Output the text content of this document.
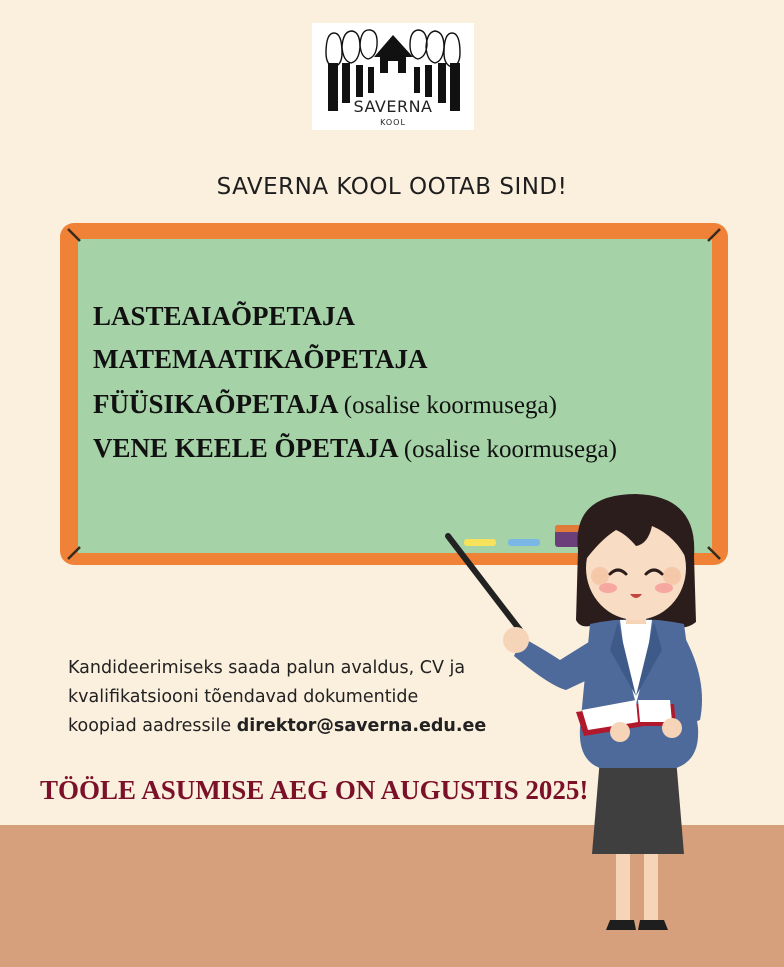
SAVERNA
KOOL
SAVERNA KOOL OOTAB SIND!
LASTEAIAÕPETAJA
MATEMAATIKAÕPETAJA
FÜÜSIKAÕPETAJA (osalise koormusega)
VENE KEELE ÕPETAJA (osalise koormusega)
Kandideerimiseks saada palun avaldus, CV ja
kvalifikatsiooni tõendavad dokumentide
koopiad aadressile direktor@saverna.edu.ee
TÖÖLE ASUMISE AEG ON AUGUSTIS 2025!
